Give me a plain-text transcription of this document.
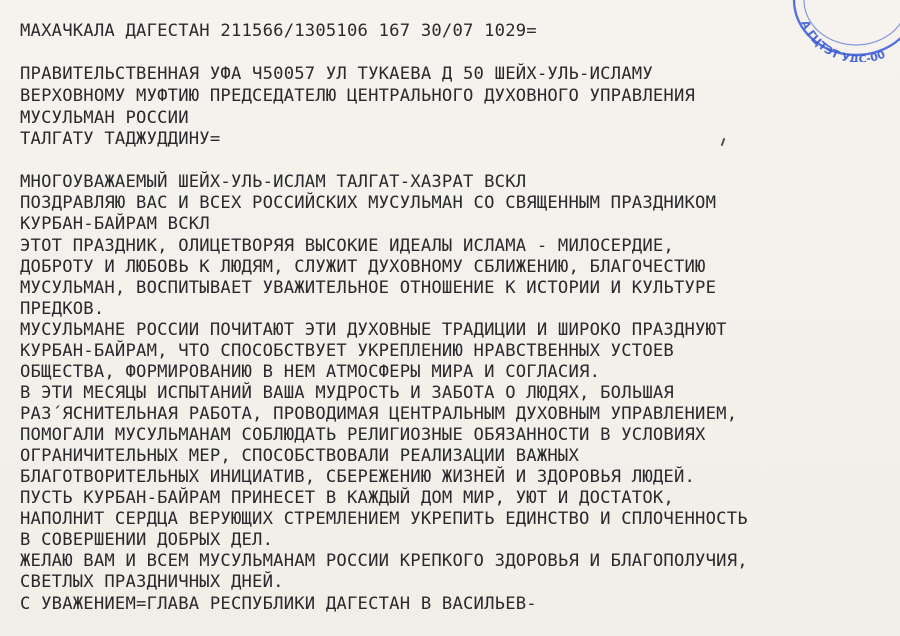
А ГЦТЭТ УДС-00
МАХАЧКАЛА ДАГЕСТАН 211566/1305106 167 30/07 1029=
ПРАВИТЕЛЬСТВЕННАЯ УФА Ч50057 УЛ ТУКАЕВА Д 50 ШЕЙХ-УЛЬ-ИСЛАМУ
ВЕРХОВНОМУ МУФТИЮ ПРЕДСЕДАТЕЛЮ ЦЕНТРАЛЬНОГО ДУХОВНОГО УПРАВЛЕНИЯ
МУСУЛЬМАН РОССИИ
ТАЛГАТУ ТАДЖУДДИНУ=
МНОГОУВАЖАЕМЫЙ ШЕЙХ-УЛЬ-ИСЛАМ ТАЛГАТ-ХАЗРАТ ВСКЛ
ПОЗДРАВЛЯЮ ВАС И ВСЕХ РОССИЙСКИХ МУСУЛЬМАН СО СВЯЩЕННЫМ ПРАЗДНИКОМ
КУРБАН-БАЙРАМ ВСКЛ
ЭТОТ ПРАЗДНИК, ОЛИЦЕТВОРЯЯ ВЫСОКИЕ ИДЕАЛЫ ИСЛАМА - МИЛОСЕРДИЕ,
ДОБРОТУ И ЛЮБОВЬ К ЛЮДЯМ, СЛУЖИТ ДУХОВНОМУ СБЛИЖЕНИЮ, БЛАГОЧЕСТИЮ
МУСУЛЬМАН, ВОСПИТЫВАЕТ УВАЖИТЕЛЬНОЕ ОТНОШЕНИЕ К ИСТОРИИ И КУЛЬТУРЕ
ПРЕДКОВ.
МУСУЛЬМАНЕ РОССИИ ПОЧИТАЮТ ЭТИ ДУХОВНЫЕ ТРАДИЦИИ И ШИРОКО ПРАЗДНУЮТ
КУРБАН-БАЙРАМ, ЧТО СПОСОБСТВУЕТ УКРЕПЛЕНИЮ НРАВСТВЕННЫХ УСТОЕВ
ОБЩЕСТВА, ФОРМИРОВАНИЮ В НЕМ АТМОСФЕРЫ МИРА И СОГЛАСИЯ.
В ЭТИ МЕСЯЦЫ ИСПЫТАНИЙ ВАША МУДРОСТЬ И ЗАБОТА О ЛЮДЯХ, БОЛЬШАЯ
РАЗ´ЯСНИТЕЛЬНАЯ РАБОТА, ПРОВОДИМАЯ ЦЕНТРАЛЬНЫМ ДУХОВНЫМ УПРАВЛЕНИЕМ,
ПОМОГАЛИ МУСУЛЬМАНАМ СОБЛЮДАТЬ РЕЛИГИОЗНЫЕ ОБЯЗАННОСТИ В УСЛОВИЯХ
ОГРАНИЧИТЕЛЬНЫХ МЕР, СПОСОБСТВОВАЛИ РЕАЛИЗАЦИИ ВАЖНЫХ
БЛАГОТВОРИТЕЛЬНЫХ ИНИЦИАТИВ, СБЕРЕЖЕНИЮ ЖИЗНЕЙ И ЗДОРОВЬЯ ЛЮДЕЙ.
ПУСТЬ КУРБАН-БАЙРАМ ПРИНЕСЕТ В КАЖДЫЙ ДОМ МИР, УЮТ И ДОСТАТОК,
НАПОЛНИТ СЕРДЦА ВЕРУЮЩИХ СТРЕМЛЕНИЕМ УКРЕПИТЬ ЕДИНСТВО И СПЛОЧЕННОСТЬ
В СОВЕРШЕНИИ ДОБРЫХ ДЕЛ.
ЖЕЛАЮ ВАМ И ВСЕМ МУСУЛЬМАНАМ РОССИИ КРЕПКОГО ЗДОРОВЬЯ И БЛАГОПОЛУЧИЯ,
СВЕТЛЫХ ПРАЗДНИЧНЫХ ДНЕЙ.
С УВАЖЕНИЕМ=ГЛАВА РЕСПУБЛИКИ ДАГЕСТАН В ВАСИЛЬЕВ-
